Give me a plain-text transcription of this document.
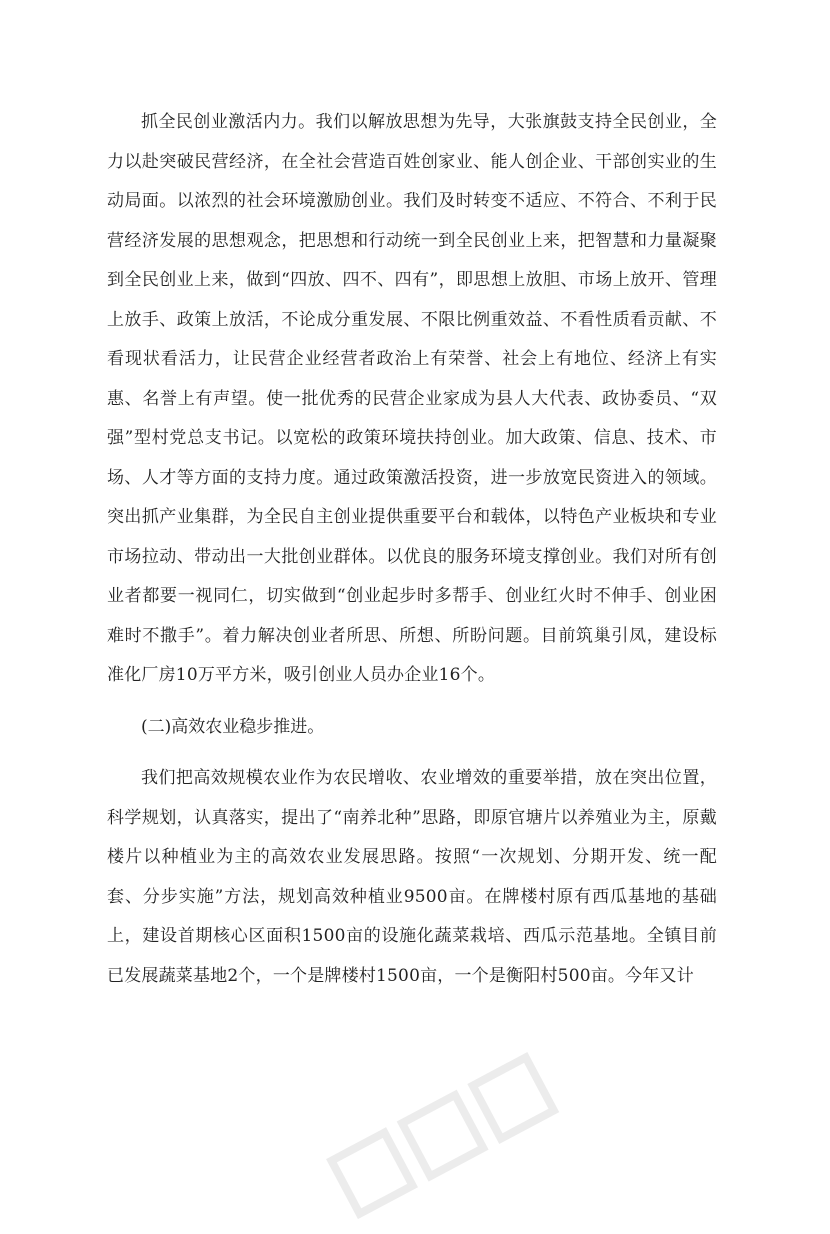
抓全民创业激活内力。我们以解放思想为先导，大张旗鼓支持全民创业，全力以赴突破民营经济，在全社会营造百姓创家业、能人创企业、干部创实业的生动局面。以浓烈的社会环境激励创业。我们及时转变不适应、不符合、不利于民营经济发展的思想观念，把思想和行动统一到全民创业上来，把智慧和力量凝聚到全民创业上来，做到“四放、四不、四有”，即思想上放胆、市场上放开、管理上放手、政策上放活，不论成分重发展、不限比例重效益、不看性质看贡献、不看现状看活力，让民营企业经营者政治上有荣誉、社会上有地位、经济上有实惠、名誉上有声望。使一批优秀的民营企业家成为县人大代表、政协委员、“双强”型村党总支书记。以宽松的政策环境扶持创业。加大政策、信息、技术、市场、人才等方面的支持力度。通过政策激活投资，进一步放宽民资进入的领域。突出抓产业集群，为全民自主创业提供重要平台和载体，以特色产业板块和专业市场拉动、带动出一大批创业群体。以优良的服务环境支撑创业。我们对所有创业者都要一视同仁，切实做到“创业起步时多帮手、创业红火时不伸手、创业困难时不撒手”。着力解决创业者所思、所想、所盼问题。目前筑巢引凤，建设标准化厂房10万平方米，吸引创业人员办企业16个。

(二)高效农业稳步推进。

我们把高效规模农业作为农民增收、农业增效的重要举措，放在突出位置，科学规划，认真落实，提出了“南养北种”思路，即原官塘片以养殖业为主，原戴楼片以种植业为主的高效农业发展思路。按照“一次规划、分期开发、统一配套、分步实施”方法，规划高效种植业9500亩。在牌楼村原有西瓜基地的基础上，建设首期核心区面积1500亩的设施化蔬菜栽培、西瓜示范基地。全镇目前已发展蔬菜基地2个，一个是牌楼村1500亩，一个是衡阳村500亩。今年又计
